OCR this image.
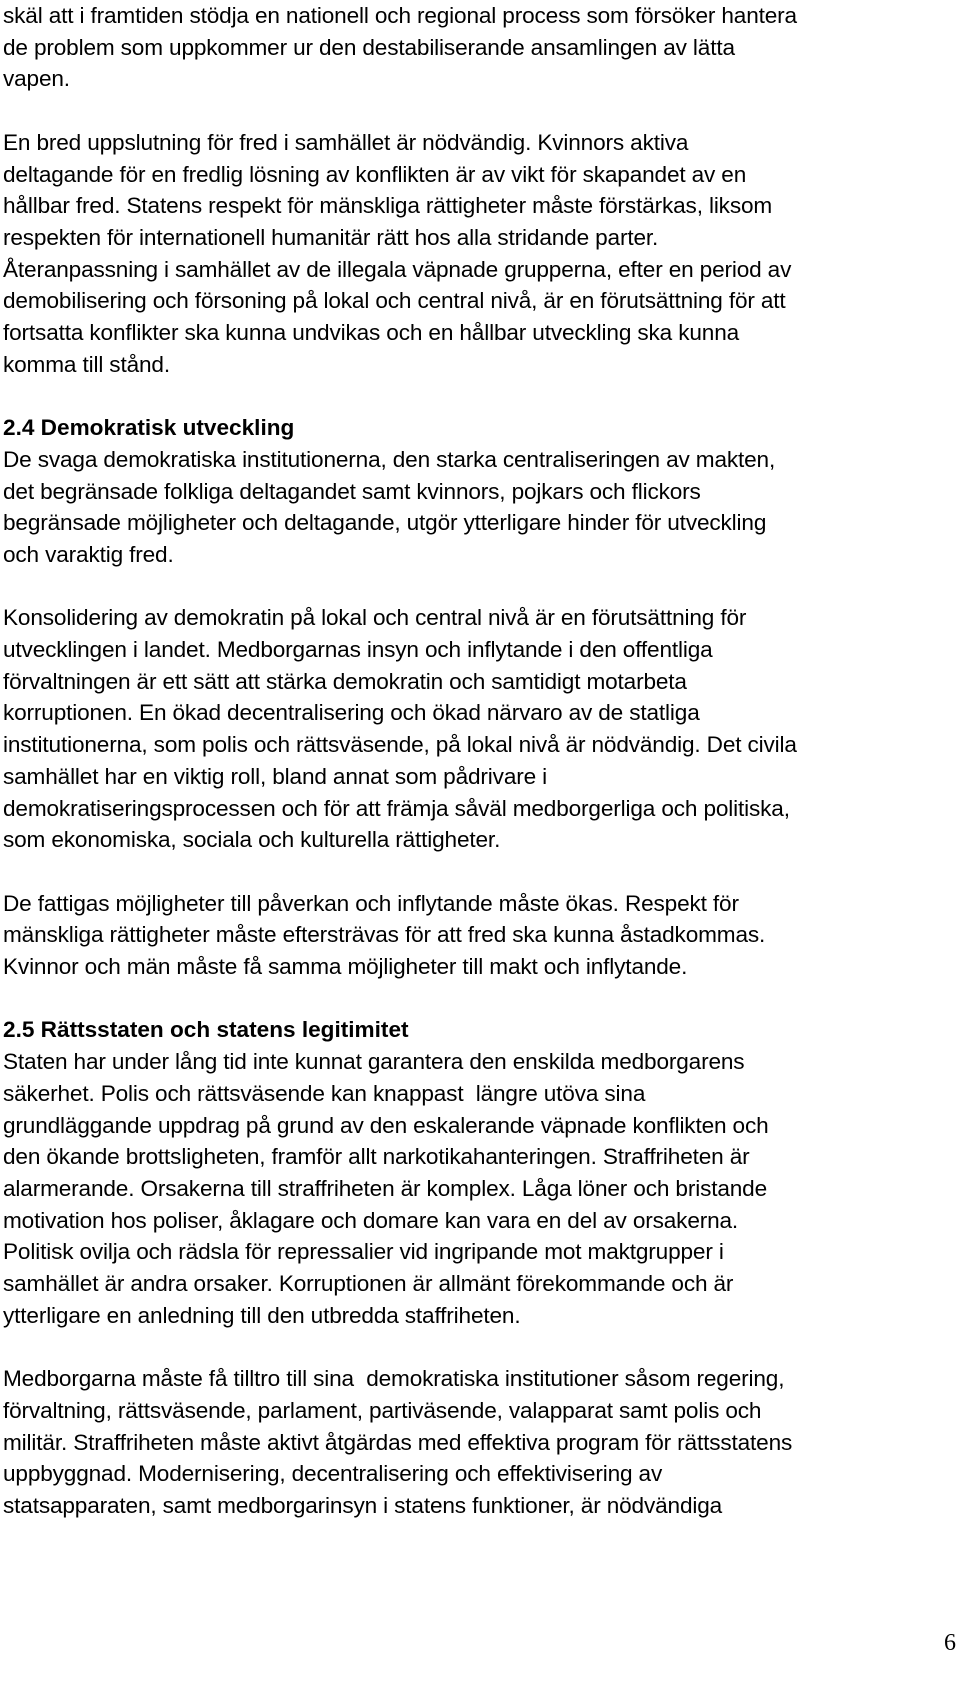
skäl att i framtiden stödja en nationell och regional process som försöker hantera

de problem som uppkommer ur den destabiliserande ansamlingen av lätta

vapen.

En bred uppslutning för fred i samhället är nödvändig. Kvinnors aktiva

deltagande för en fredlig lösning av konflikten är av vikt för skapandet av en

hållbar fred. Statens respekt för mänskliga rättigheter måste förstärkas, liksom

respekten för internationell humanitär rätt hos alla stridande parter.

Återanpassning i samhället av de illegala väpnade grupperna, efter en period av

demobilisering och försoning på lokal och central nivå, är en förutsättning för att

fortsatta konflikter ska kunna undvikas och en hållbar utveckling ska kunna

komma till stånd.

2.4 Demokratisk utveckling

De svaga demokratiska institutionerna, den starka centraliseringen av makten,

det begränsade folkliga deltagandet samt kvinnors, pojkars och flickors

begränsade möjligheter och deltagande, utgör ytterligare hinder för utveckling

och varaktig fred.

Konsolidering av demokratin på lokal och central nivå är en förutsättning för

utvecklingen i landet. Medborgarnas insyn och inflytande i den offentliga

förvaltningen är ett sätt att stärka demokratin och samtidigt motarbeta

korruptionen. En ökad decentralisering och ökad närvaro av de statliga

institutionerna, som polis och rättsväsende, på lokal nivå är nödvändig. Det civila

samhället har en viktig roll, bland annat som pådrivare i

demokratiseringsprocessen och för att främja såväl medborgerliga och politiska,

som ekonomiska, sociala och kulturella rättigheter.

De fattigas möjligheter till påverkan och inflytande måste ökas. Respekt för

mänskliga rättigheter måste eftersträvas för att fred ska kunna åstadkommas.

Kvinnor och män måste få samma möjligheter till makt och inflytande.

2.5 Rättsstaten och statens legitimitet

Staten har under lång tid inte kunnat garantera den enskilda medborgarens

säkerhet. Polis och rättsväsende kan knappast  längre utöva sina

grundläggande uppdrag på grund av den eskalerande väpnade konflikten och

den ökande brottsligheten, framför allt narkotikahanteringen. Straffriheten är

alarmerande. Orsakerna till straffriheten är komplex. Låga löner och bristande

motivation hos poliser, åklagare och domare kan vara en del av orsakerna.

Politisk ovilja och rädsla för repressalier vid ingripande mot maktgrupper i

samhället är andra orsaker. Korruptionen är allmänt förekommande och är

ytterligare en anledning till den utbredda staffriheten.

Medborgarna måste få tilltro till sina  demokratiska institutioner såsom regering,

förvaltning, rättsväsende, parlament, partiväsende, valapparat samt polis och

militär. Straffriheten måste aktivt åtgärdas med effektiva program för rättsstatens

uppbyggnad. Modernisering, decentralisering och effektivisering av

statsapparaten, samt medborgarinsyn i statens funktioner, är nödvändiga

6
